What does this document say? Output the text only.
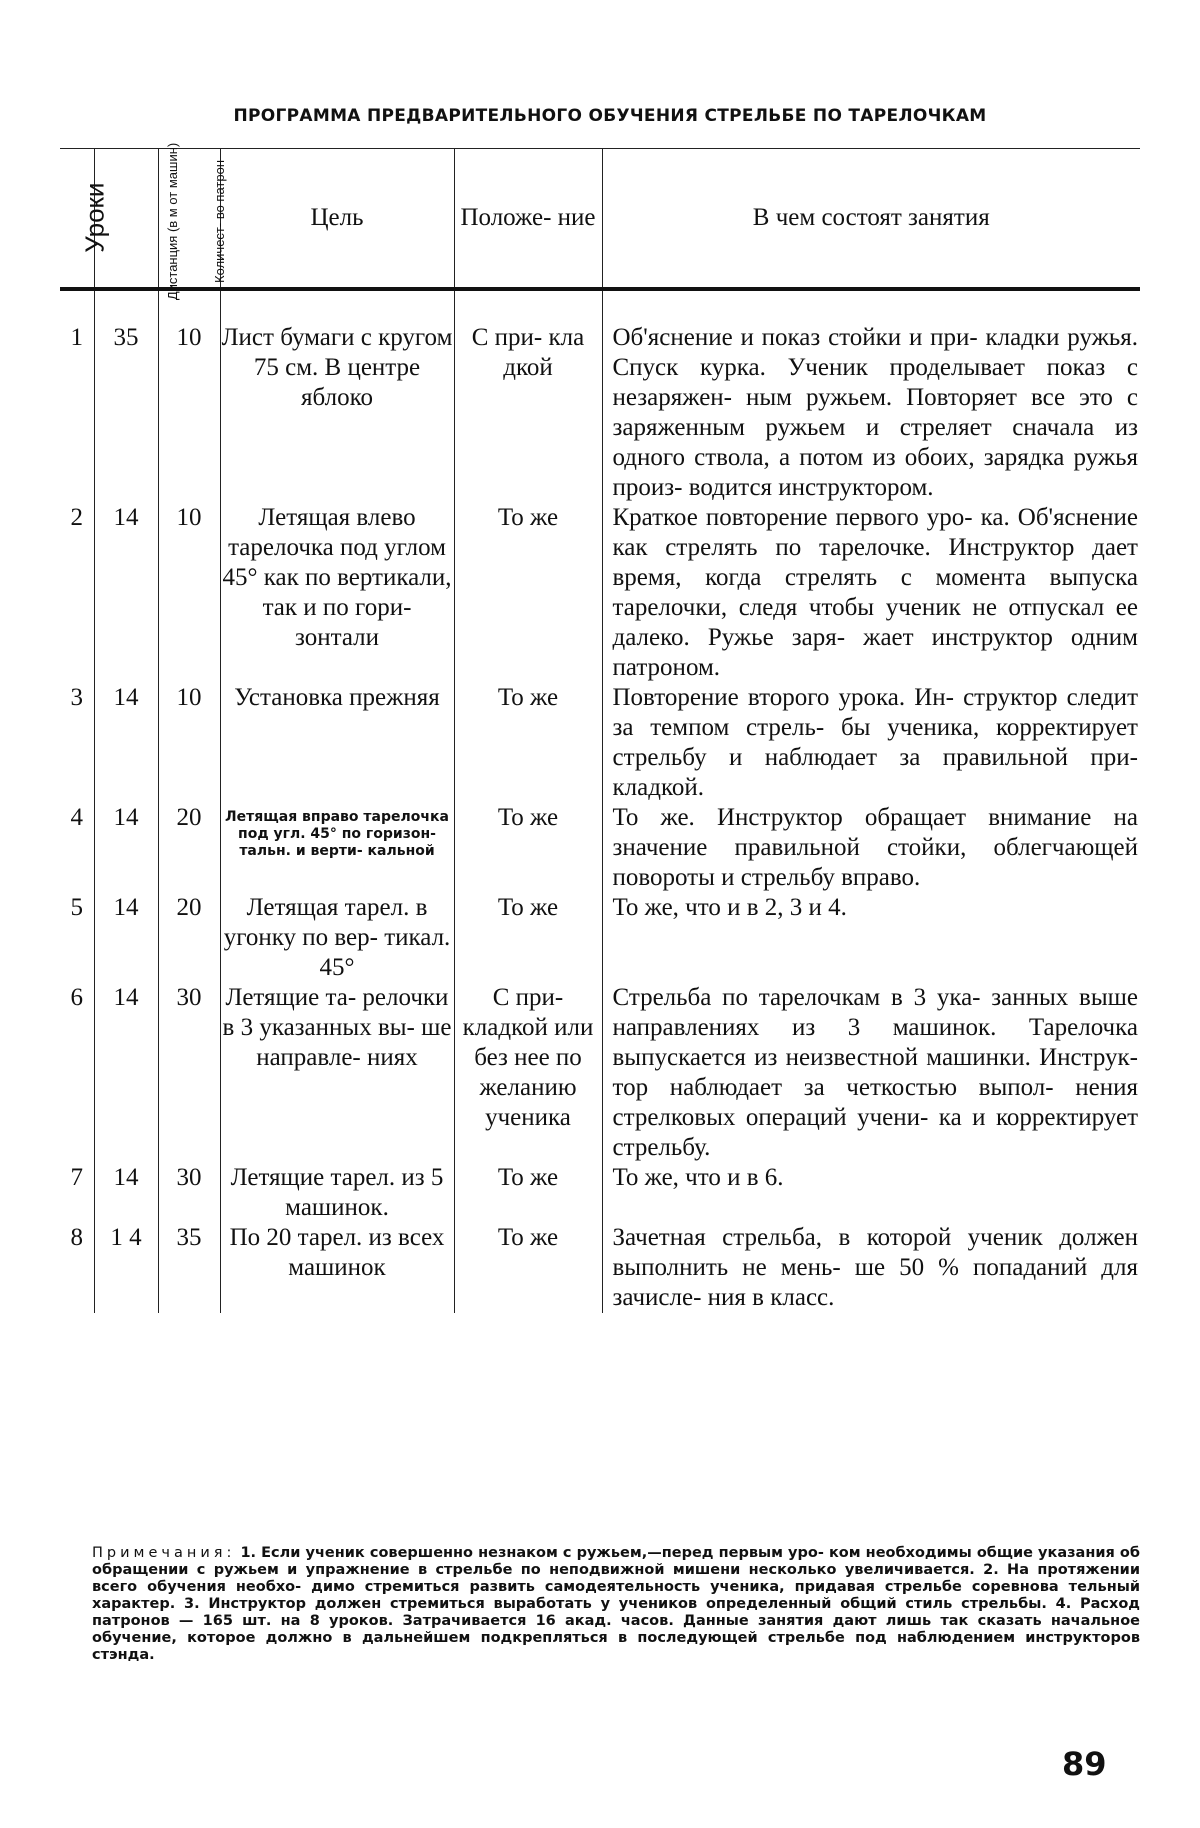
ПРОГРАММА ПРЕДВАРИТЕЛЬНОГО ОБУЧЕНИЯ СТРЕЛЬБЕ ПО ТАРЕЛОЧКАМ
Уроки	Дистанция (в м от машин)	Количест- во патрон	Цель	Положе- ние	В чем состоят занятия
1	35	10	Лист бумаги с кругом 75 см. В центре яблоко	С при- кла дкой	Об'яснение и показ стойки и при- кладки ружья. Спуск курка. Ученик проделывает показ с незаряжен- ным ружьем. Повторяет все это с заряженным ружьем и стреляет сначала из одного ствола, а потом из обоих, зарядка ружья произ- водится инструктором.
2	14	10	Летящая влево тарелочка под углом 45° как по вертикали, так и по гори- зонтали	То же	Краткое повторение первого уро- ка. Об'яснение как стрелять по тарелочке. Инструктор дает время, когда стрелять с момента выпуска тарелочки, следя чтобы ученик не отпускал ее далеко. Ружье заря- жает инструктор одним патроном.
3	14	10	Установка прежняя	То же	Повторение второго урока. Ин- структор следит за темпом стрель- бы ученика, корректирует стрельбу и наблюдает за правильной при- кладкой.
4	14	20	Летящая вправо тарелочка под угл. 45° по горизон- тальн. и верти- кальной	То же	То же. Инструктор обращает внимание на значение правильной стойки, облегчающей повороты и стрельбу вправо.
5	14	20	Летящая тарел. в угонку по вер- тикал. 45°	То же	То же, что и в 2, 3 и 4.
6	14	30	Летящие та- релочки в 3 указанных вы- ше направле- ниях	С при- кладкой или без нее по желанию ученика	Стрельба по тарелочкам в 3 ука- занных выше направлениях из 3 машинок. Тарелочка выпускается из неизвестной машинки. Инструк- тор наблюдает за четкостью выпол- нения стрелковых операций учени- ка и корректирует стрельбу.
7	14	30	Летящие тарел. из 5 машинок.	То же	То же, что и в 6.
8	1 4	35	По 20 тарел. из всех машинок	То же	Зачетная стрельба, в которой ученик должен выполнить не мень- ше 50 % попаданий для зачисле- ния в класс.
Примечания: 1. Если ученик совершенно незнаком с ружьем,—перед первым уро- ком необходимы общие указания об обращении с ружьем и упражнение в стрельбе по неподвижной мишени несколько увеличивается. 2. На протяжении всего обучения необхо- димо стремиться развить самодеятельность ученика, придавая стрельбе соревнова тельный характер. 3. Инструктор должен стремиться выработать у учеников определенный общий стиль стрельбы. 4. Расход патронов — 165 шт. на 8 уроков. Затрачивается 16 акад. часов. Данные занятия дают лишь так сказать начальное обучение, которое должно в дальнейшем подкрепляться в последующей стрельбе под наблюдением инструкторов стэнда.
89
